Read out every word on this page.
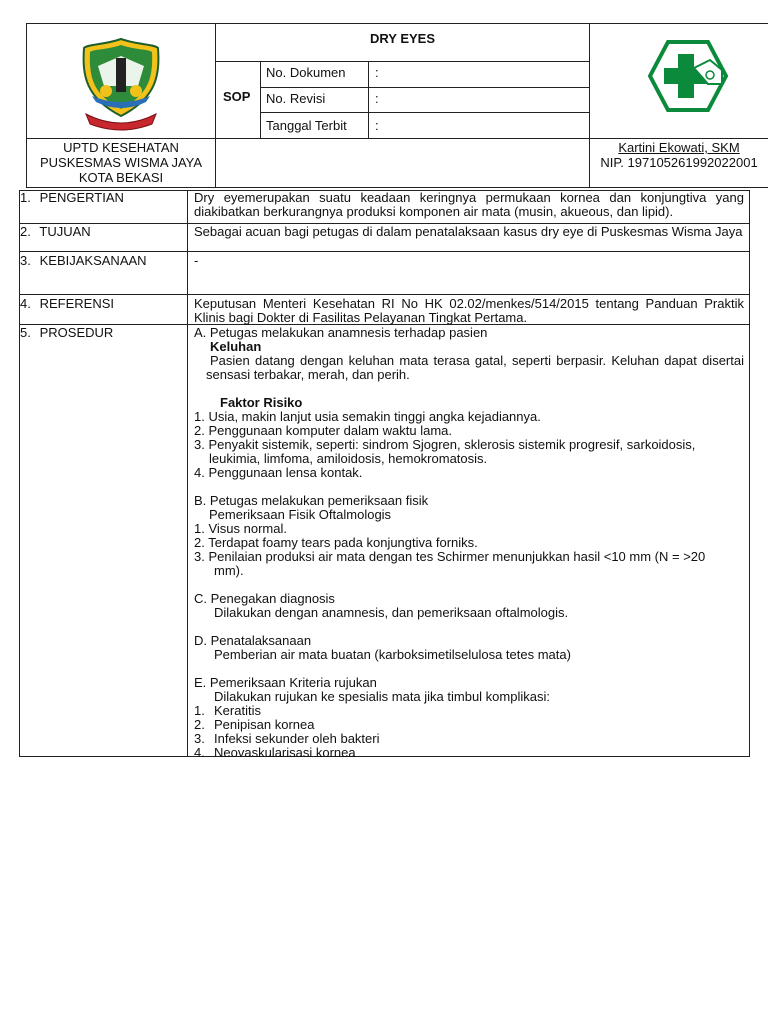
DRY EYES
SOP
No. Dokumen :
No. Revisi	:
Tanggal Terbit :
UPTD KESEHATAN
PUSKESMAS WISMA JAYA
KOTA BEKASI
Kartini Ekowati, SKM
NIP. 197105261992022001
1. PENGERTIAN
2. TUJUAN
3. KEBIJAKSANAAN
4. REFERENSI
5. PROSEDUR
Dry eyemerupakan suatu keadaan keringnya permukaan kornea dan konjungtiva yang diakibatkan berkurangnya produksi komponen air mata (musin, akueous, dan lipid).
Sebagai acuan bagi petugas di dalam penatalaksaan kasus dry eye di Puskesmas Wisma Jaya
-
Keputusan Menteri Kesehatan RI No HK 02.02/menkes/514/2015 tentang Panduan Praktik Klinis bagi Dokter di Fasilitas Pelayanan Tingkat Pertama.
A. Petugas melakukan anamnesis terhadap pasien
Keluhan
Pasien datang dengan keluhan mata terasa gatal, seperti berpasir. Keluhan dapat disertai sensasi terbakar, merah, dan perih.
Faktor Risiko
1. Usia, makin lanjut usia semakin tinggi angka kejadiannya.
2. Penggunaan komputer dalam waktu lama.
3. Penyakit sistemik, seperti: sindrom Sjogren, sklerosis sistemik progresif, sarkoidosis,
leukimia, limfoma, amiloidosis, hemokromatosis.
4. Penggunaan lensa kontak.
B. Petugas melakukan pemeriksaan fisik
Pemeriksaan Fisik Oftalmologis
1. Visus normal.
2. Terdapat foamy tears pada konjungtiva forniks.
3. Penilaian produksi air mata dengan tes Schirmer menunjukkan hasil <10 mm (N = >20
mm).
C. Penegakan diagnosis
Dilakukan dengan anamnesis, dan pemeriksaan oftalmologis.
D. Penatalaksanaan
Pemberian air mata buatan (karboksimetilselulosa tetes mata)
E. Pemeriksaan Kriteria rujukan
Dilakukan rujukan ke spesialis mata jika timbul komplikasi:
1. Keratitis
2. Penipisan kornea
3. Infeksi sekunder oleh bakteri
4. Neovaskularisasi kornea
